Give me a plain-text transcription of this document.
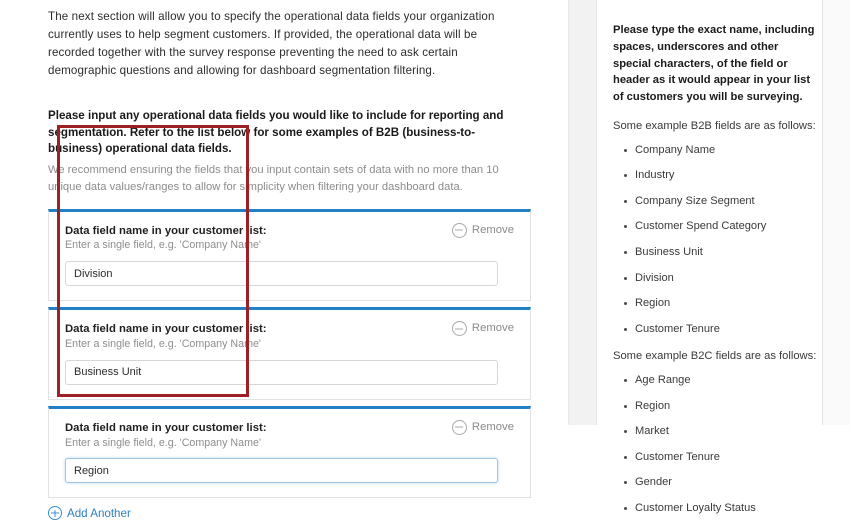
The next section will allow you to specify the operational data fields your organization currently uses to help segment customers. If provided, the operational data will be recorded together with the survey response preventing the need to ask certain demographic questions and allowing for dashboard segmentation filtering.

Please input any operational data fields you would like to include for reporting and segmentation. Refer to the list below for some examples of B2B (business-to-business) operational data fields.

We recommend ensuring the fields that you input contain sets of data with no more than 10 unique data values/ranges to allow for simplicity when filtering your dashboard data.

Remove
Data field name in your customer list:
Enter a single field, e.g. 'Company Name'
Division
Remove
Data field name in your customer list:
Enter a single field, e.g. 'Company Name'
Business Unit
Remove
Data field name in your customer list:
Enter a single field, e.g. 'Company Name'
Region
Add Another

Please type the exact name, including spaces, underscores and other special characters, of the field or header as it would appear in your list of customers you will be surveying.

Some example B2B fields are as follows:

Company Name
Industry
Company Size Segment
Customer Spend Category
Business Unit
Division
Region
Customer Tenure

Some example B2C fields are as follows:

Age Range
Region
Market
Customer Tenure
Gender
Customer Loyalty Status
